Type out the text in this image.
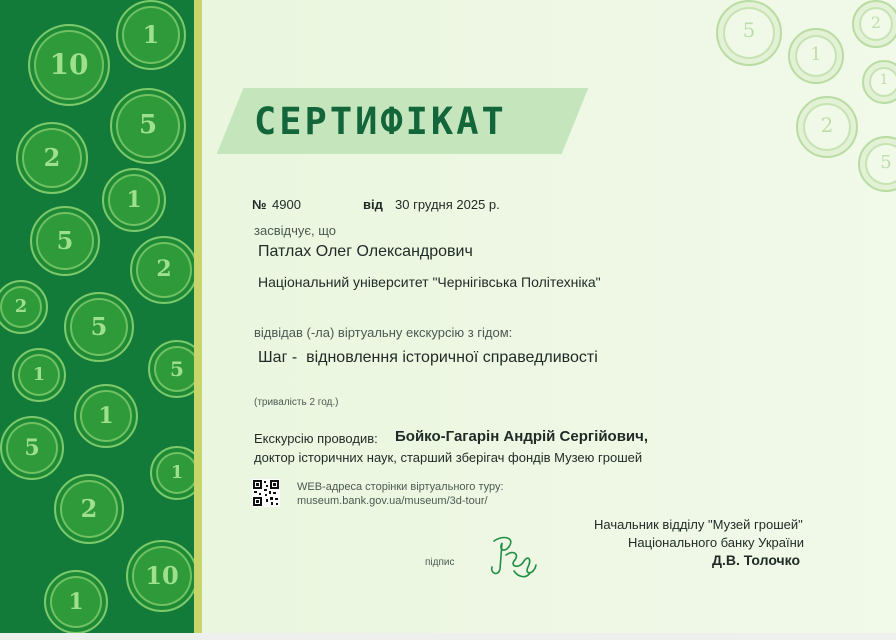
10
1
5
2
1
5
2
2
5
1
1
5
1
5
2
10
1
5
2
1
2
1
5
СЕРТИФІКАТ
№ 4900	від 30 грудня 2025 р.
засвідчує, що
Патлах Олег Олександрович
Національний університет "Чернігівська Політехніка"
відвідав (-ла) віртуальну екскурсію з гідом:
Шаг -  відновлення історичної справедливості
(тривалість 2 год.)
Екскурсію проводив: Бойко-Гагарін Андрій Сергійович,
доктор історичних наук, старший зберігач фондів Музею грошей
WEB-адреса сторінки віртуального туру:
museum.bank.gov.ua/museum/3d-tour/
підпис
Начальник відділу "Музей грошей"
Національного банку України
Д.В. Толочко
